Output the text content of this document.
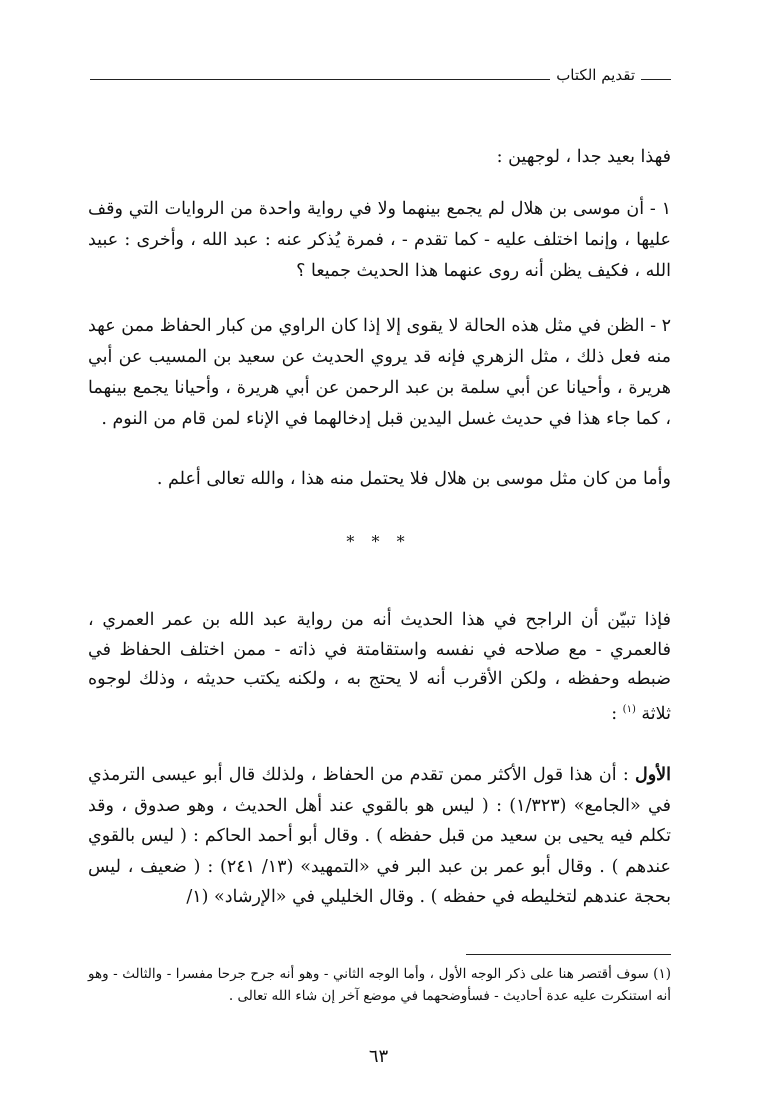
تقديم الكتاب

فهذا بعيد جدا ، لوجهين :

١ - أن موسى بن هلال لم يجمع بينهما ولا في رواية واحدة من الروايات التي وقف عليها ، وإنما اختلف عليه - كما تقدم - ، فمرة يُذكر عنه : عبد الله ، وأخرى : عبيد الله ، فكيف يظن أنه روى عنهما هذا الحديث جميعا ؟

٢ - الظن في مثل هذه الحالة لا يقوى إلا إذا كان الراوي من كبار الحفاظ ممن عهد منه فعل ذلك ، مثل الزهري فإنه قد يروي الحديث عن سعيد بن المسيب عن أبي هريرة ، وأحيانا عن أبي سلمة بن عبد الرحمن عن أبي هريرة ، وأحيانا يجمع بينهما ، كما جاء هذا في حديث غسل اليدين قبل إدخالهما في الإناء لمن قام من النوم .

وأما من كان مثل موسى بن هلال فلا يحتمل منه هذا ، والله تعالى أعلم .

* * *

فإذا تبيّن أن الراجح في هذا الحديث أنه من رواية عبد الله بن عمر العمري ، فالعمري - مع صلاحه في نفسه واستقامتة في ذاته - ممن اختلف الحفاظ في ضبطه وحفظه ، ولكن الأقرب أنه لا يحتج به ، ولكنه يكتب حديثه ، وذلك لوجوه ثلاثة $^{(١)}$ :

الأول : أن هذا قول الأكثر ممن تقدم من الحفاظ ، ولذلك قال أبو عيسى الترمذي في «الجامع» (١/٣٢٣) : ( ليس هو بالقوي عند أهل الحديث ، وهو صدوق ، وقد تكلم فيه يحيى بن سعيد من قبل حفظه ) . وقال أبو أحمد الحاكم : ( ليس بالقوي عندهم ) . وقال أبو عمر بن عبد البر في «التمهيد» (١٣/ ٢٤١) : ( ضعيف ، ليس بحجة عندهم لتخليطه في حفظه ) . وقال الخليلي في «الإرشاد» (١/

(١) سوف أقتصر هنا على ذكر الوجه الأول ، وأما الوجه الثاني - وهو أنه جرح جرحا مفسرا - والثالث - وهو أنه استنكرت عليه عدة أحاديث - فسأوضحهما في موضع آخر إن شاء الله تعالى .

٦٣
